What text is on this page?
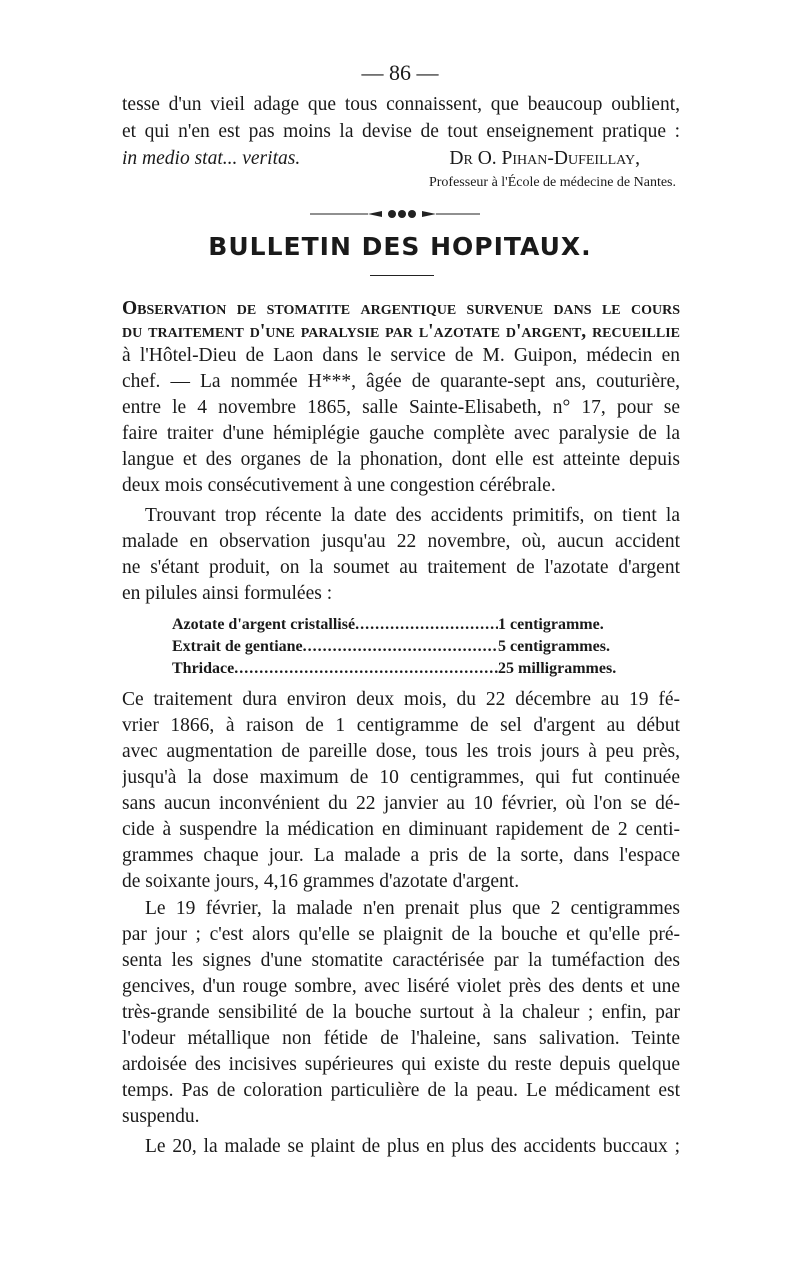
— 86 —
tesse d'un vieil adage que tous connaissent, que beaucoup oublient,
et qui n'en est pas moins la devise de tout enseignement pratique :
in medio stat... veritas.	Dr O. Pihan-Dufeillay,
Professeur à l'École de médecine de Nantes.
BULLETIN DES HOPITAUX.
Observation de stomatite argentique survenue dans le cours
du traitement d'une paralysie par l'azotate d'argent, recueillie
à l'Hôtel-Dieu de Laon dans le service de M. Guipon, médecin en
chef. — La nommée H***, âgée de quarante-sept ans, couturière,
entre le 4 novembre 1865, salle Sainte-Elisabeth, n° 17, pour se
faire traiter d'une hémiplégie gauche complète avec paralysie de la
langue et des organes de la phonation, dont elle est atteinte depuis
deux mois consécutivement à une congestion cérébrale.
Trouvant trop récente la date des accidents primitifs, on tient la
malade en observation jusqu'au 22 novembre, où, aucun accident
ne s'étant produit, on la soumet au traitement de l'azotate d'argent
en pilules ainsi formulées :
Azotate d'argent cristallisé .....	1 centigramme.
Extrait de gentiane .....	5 centigrammes.
Thridace .....	25 milligrammes.
Ce traitement dura environ deux mois, du 22 décembre au 19 fé-
vrier 1866, à raison de 1 centigramme de sel d'argent au début
avec augmentation de pareille dose, tous les trois jours à peu près,
jusqu'à la dose maximum de 10 centigrammes, qui fut continuée
sans aucun inconvénient du 22 janvier au 10 février, où l'on se dé-
cide à suspendre la médication en diminuant rapidement de 2 centi-
grammes chaque jour. La malade a pris de la sorte, dans l'espace
de soixante jours, 4,16 grammes d'azotate d'argent.
Le 19 février, la malade n'en prenait plus que 2 centigrammes
par jour ; c'est alors qu'elle se plaignit de la bouche et qu'elle pré-
senta les signes d'une stomatite caractérisée par la tuméfaction des
gencives, d'un rouge sombre, avec liséré violet près des dents et une
très-grande sensibilité de la bouche surtout à la chaleur ; enfin, par
l'odeur métallique non fétide de l'haleine, sans salivation. Teinte
ardoisée des incisives supérieures qui existe du reste depuis quelque
temps. Pas de coloration particulière de la peau. Le médicament est
suspendu.
Le 20, la malade se plaint de plus en plus des accidents buccaux ;
